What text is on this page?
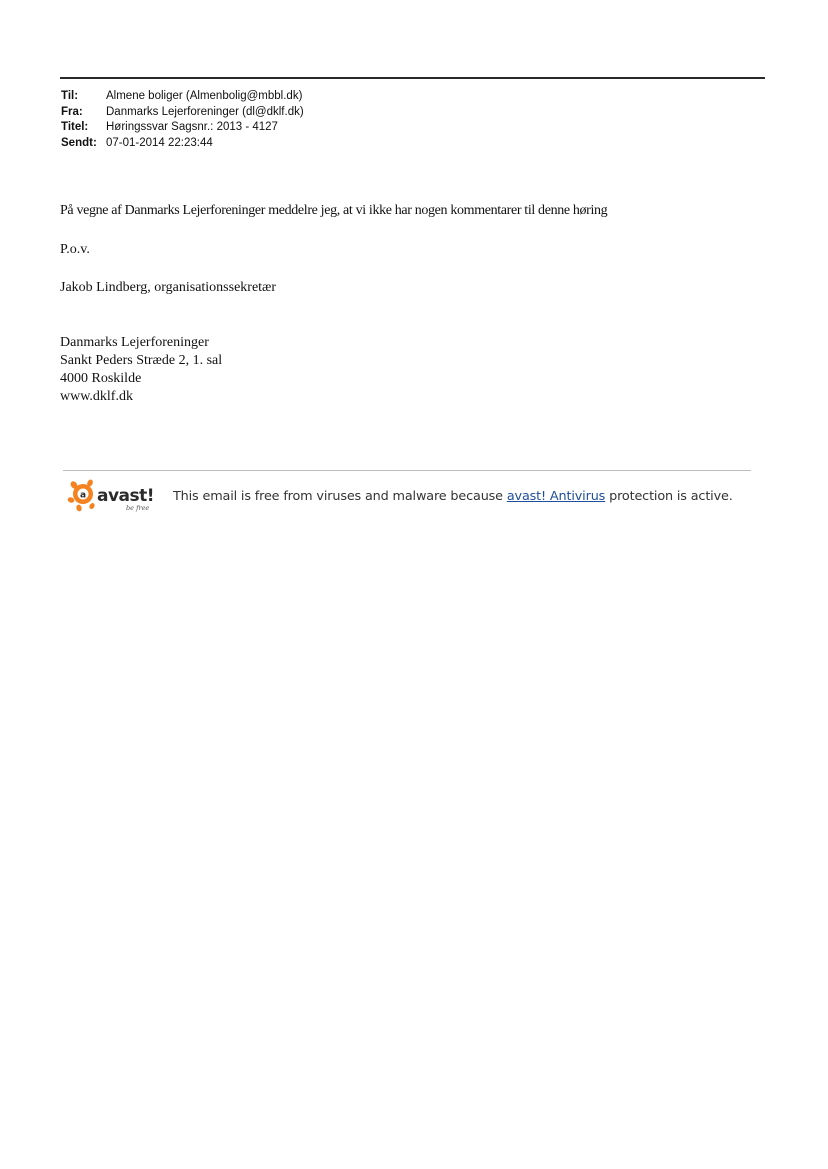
Til:	Almene boliger (Almenbolig@mbbl.dk)
Fra:	Danmarks Lejerforeninger (dl@dklf.dk)
Titel:	Høringssvar Sagsnr.: 2013 - 4127
Sendt: 07-01-2014 22:23:44
På vegne af Danmarks Lejerforeninger meddelre jeg, at vi ikke har nogen kommentarer til denne høring
P.o.v.
Jakob Lindberg, organisationssekretær
Danmarks Lejerforeninger
Sankt Peders Stræde 2, 1. sal
4000 Roskilde
www.dklf.dk
a avast!
be free
This email is free from viruses and malware because avast! Antivirus protection is active.
